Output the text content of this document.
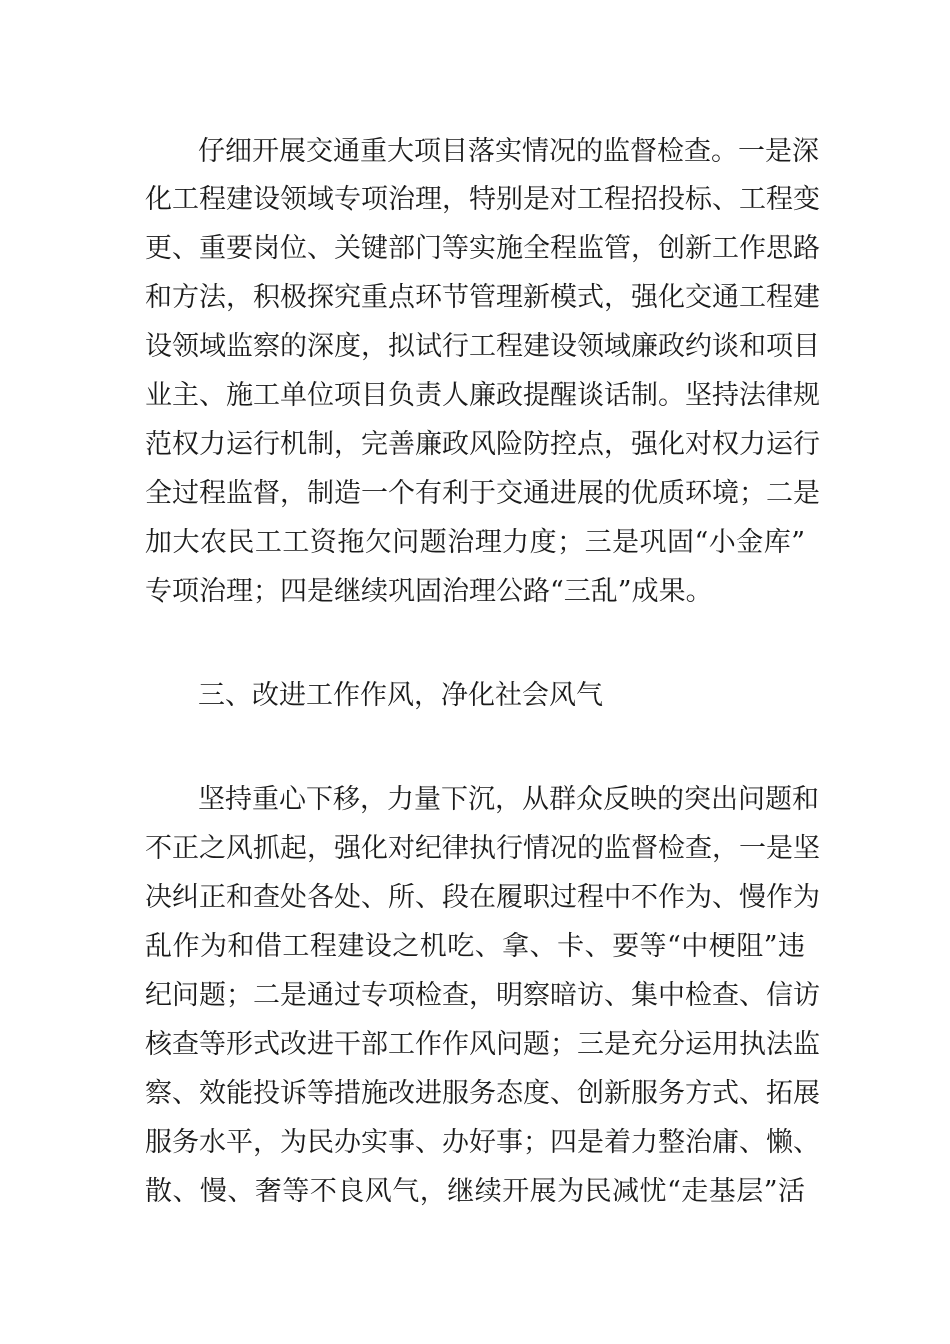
仔细开展交通重大项目落实情况的监督检查。一是深
化工程建设领域专项治理，特别是对工程招投标、工程变
更、重要岗位、关键部门等实施全程监管，创新工作思路
和方法，积极探究重点环节管理新模式，强化交通工程建
设领域监察的深度，拟试行工程建设领域廉政约谈和项目
业主、施工单位项目负责人廉政提醒谈话制。坚持法律规
范权力运行机制，完善廉政风险防控点，强化对权力运行
全过程监督，制造一个有利于交通进展的优质环境；二是
加大农民工工资拖欠问题治理力度；三是巩固“小金库”
专项治理；四是继续巩固治理公路“三乱”成果。
三、改进工作作风，净化社会风气
坚持重心下移，力量下沉，从群众反映的突出问题和
不正之风抓起，强化对纪律执行情况的监督检查，一是坚
决纠正和查处各处、所、段在履职过程中不作为、慢作为
乱作为和借工程建设之机吃、拿、卡、要等“中梗阻”违
纪问题；二是通过专项检查，明察暗访、集中检查、信访
核查等形式改进干部工作作风问题；三是充分运用执法监
察、效能投诉等措施改进服务态度、创新服务方式、拓展
服务水平，为民办实事、办好事；四是着力整治庸、懒、
散、慢、奢等不良风气，继续开展为民减忧“走基层”活
